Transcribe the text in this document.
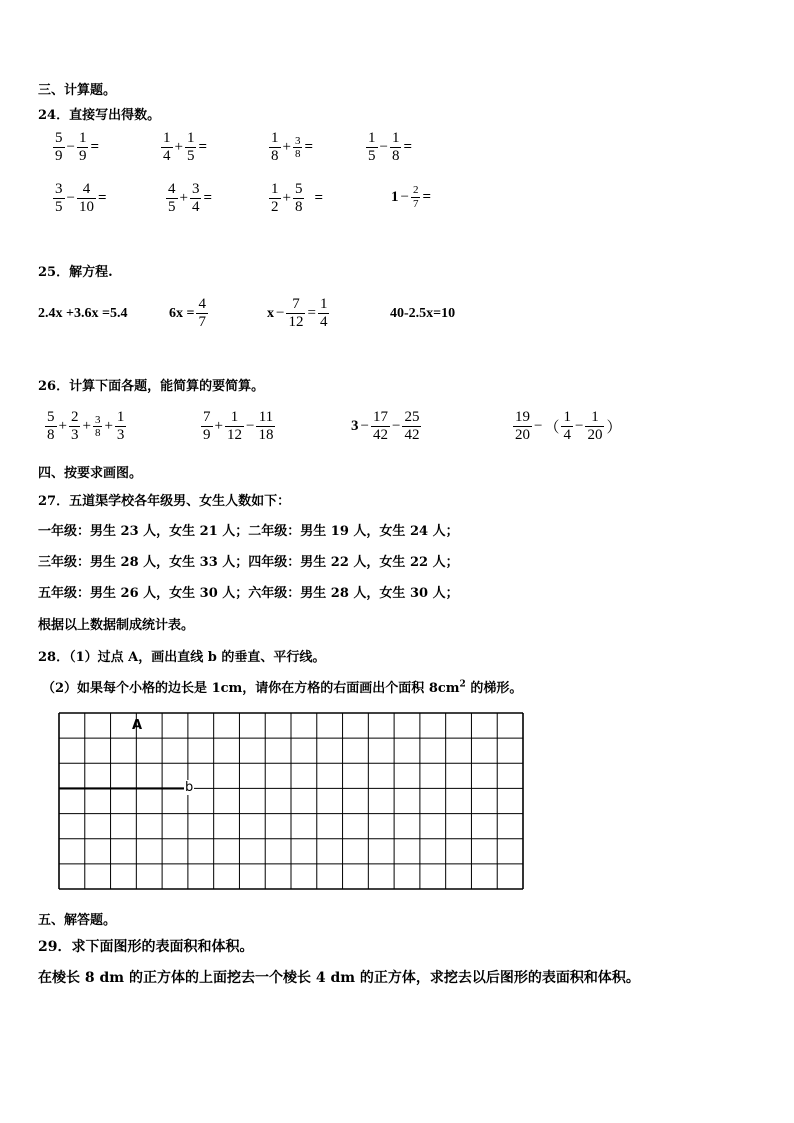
三、计算题。
24．直接写出得数。
$\frac{5}{9} - \frac{1}{9}$ =	$\frac{1}{4} + \frac{1}{5}$ =	$\frac{1}{8} + \frac{3}{8}$ =	$\frac{1}{5} - \frac{1}{8}$ =
$\frac{3}{5} - \frac{4}{10}$ =	$\frac{4}{5} + \frac{3}{4}$ =	$\frac{1}{2} + \frac{5}{8}$ =	$1 - \frac{2}{7}$ =
25．解方程.
2.4x +3.6x =5.4	$6x = \frac{4}{7}$	$x - \frac{7}{12} = \frac{1}{4}$	40-2.5x=10
26．计算下面各题，能简算的要简算。
$\frac{5}{8} + \frac{2}{3} + \frac{3}{8} + \frac{1}{3}$	$\frac{7}{9} + \frac{1}{12} - \frac{11}{18}$	$3 - \frac{17}{42} - \frac{25}{42}$	$\frac{19}{20}$ − （ $\frac{1}{4} - \frac{1}{20}$ ）
四、按要求画图。
27．五道渠学校各年级男、女生人数如下：
一年级：男生 23 人，女生 21 人；二年级：男生 19 人，女生 24 人；
三年级：男生 28 人，女生 33 人；四年级：男生 22 人，女生 22 人；
五年级：男生 26 人，女生 30 人；六年级：男生 28 人，女生 30 人；
根据以上数据制成统计表。
28．（1）过点 A，画出直线 b 的垂直、平行线。
（2）如果每个小格的边长是 1cm，请你在方格的右面画出个面积 $8cm^2$ 的梯形。
A
b
五、解答题。
29．求下面图形的表面积和体积。
在棱长 8 dm 的正方体的上面挖去一个棱长 4 dm 的正方体，求挖去以后图形的表面积和体积。
